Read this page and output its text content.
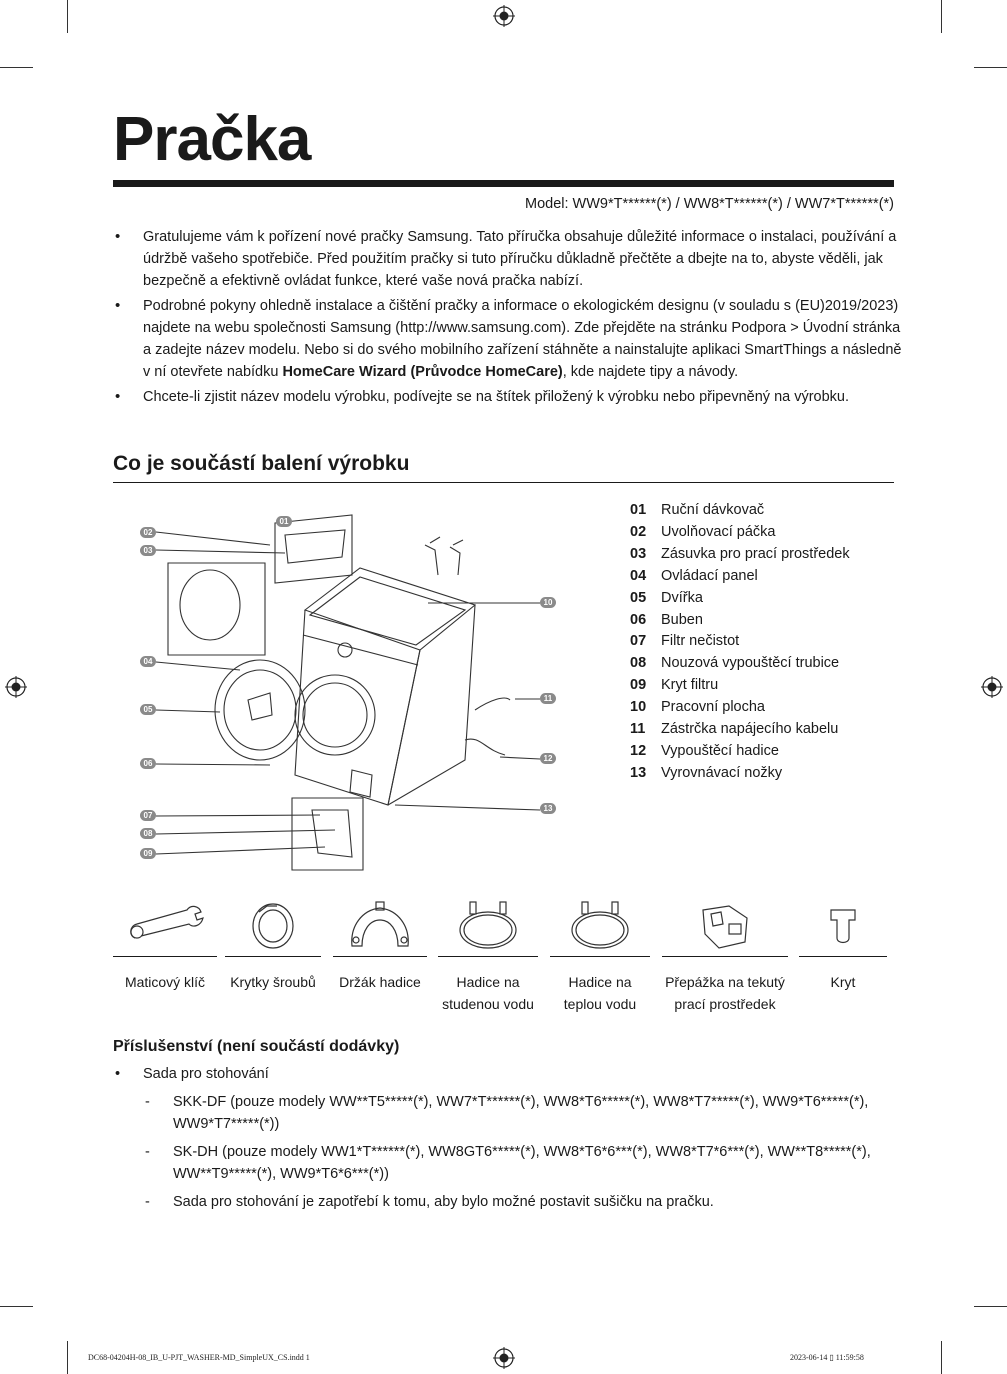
Pračka
Model: WW9*T******(*) / WW8*T******(*) / WW7*T******(*)
• Gratulujeme vám k pořízení nové pračky Samsung. Tato příručka obsahuje důležité informace o instalaci, používání a údržbě vašeho spotřebiče. Před použitím pračky si tuto příručku důkladně přečtěte a dbejte na to, abyste věděli, jak bezpečně a efektivně ovládat funkce, které vaše nová pračka nabízí.
• Podrobné pokyny ohledně instalace a čištění pračky a informace o ekologickém designu (v souladu s (EU)2019/2023) najdete na webu společnosti Samsung (http://www.samsung.com). Zde přejděte na stránku Podpora > Úvodní stránka a zadejte název modelu. Nebo si do svého mobilního zařízení stáhněte a nainstalujte aplikaci SmartThings a následně v ní otevřete nabídku HomeCare Wizard (Průvodce HomeCare), kde najdete tipy a návody.
• Chcete-li zjistit název modelu výrobku, podívejte se na štítek přiložený k výrobku nebo připevněný na výrobku.
Co je součástí balení výrobku
01
02
03
04
05
06
07
08
09
10
11
12
13
01	Ruční dávkovač
02	Uvolňovací páčka
03	Zásuvka pro prací prostředek
04	Ovládací panel
05	Dvířka
06	Buben
07	Filtr nečistot
08	Nouzová vypouštěcí trubice
09	Kryt filtru
10	Pracovní plocha
11	Zástrčka napájecího kabelu
12	Vypouštěcí hadice
13	Vyrovnávací nožky
Maticový klíč	Krytky šroubů	Držák hadice	Hadice na studenou vodu
Hadice na teplou vodu
Přepážka na tekutý prací prostředek
Kryt
Příslušenství (není součástí dodávky)
• Sada pro stohování
- SKK-DF (pouze modely WW**T5*****(*), WW7*T******(*), WW8*T6*****(*), WW8*T7*****(*), WW9*T6*****(*), WW9*T7*****(*))
- SK-DH (pouze modely WW1*T******(*), WW8GT6*****(*), WW8*T6*6***(*), WW8*T7*6***(*), WW**T8*****(*), WW**T9*****(*), WW9*T6*6***(*))
- Sada pro stohování je zapotřebí k tomu, aby bylo možné postavit sušičku na pračku.
DC68-04204H-08_IB_U-PJT_WASHER-MD_SimpleUX_CS.indd 1	2023-06-14 ▯ 11:59:58
